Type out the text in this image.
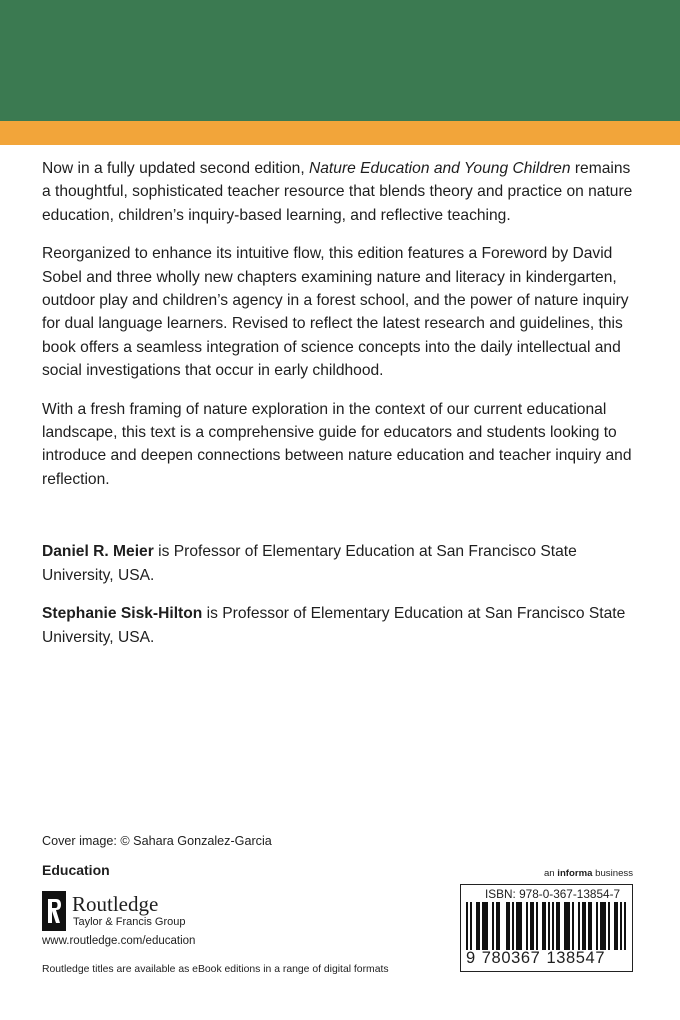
Now in a fully updated second edition, Nature Education and Young Children remains a thoughtful, sophisticated teacher resource that blends theory and practice on nature education, children’s inquiry-based learning, and reflective teaching.

Reorganized to enhance its intuitive flow, this edition features a Foreword by David Sobel and three wholly new chapters examining nature and literacy in kindergarten, outdoor play and children’s agency in a forest school, and the power of nature inquiry for dual language learners. Revised to reflect the latest research and guidelines, this book offers a seamless integration of science concepts into the daily intellectual and social investigations that occur in early childhood.

With a fresh framing of nature exploration in the context of our current educational landscape, this text is a comprehensive guide for educators and students looking to introduce and deepen connections between nature education and teacher inquiry and reflection.

Daniel R. Meier is Professor of Elementary Education at San Francisco State University, USA.

Stephanie Sisk-Hilton is Professor of Elementary Education at San Francisco State University, USA.

Cover image: © Sahara Gonzalez-Garcia
Education
Routledge
Taylor & Francis Group
www.routledge.com/education
Routledge titles are available as eBook editions in a range of digital formats
an informa business
ISBN: 978-0-367-13854-7
9 780367 138547
